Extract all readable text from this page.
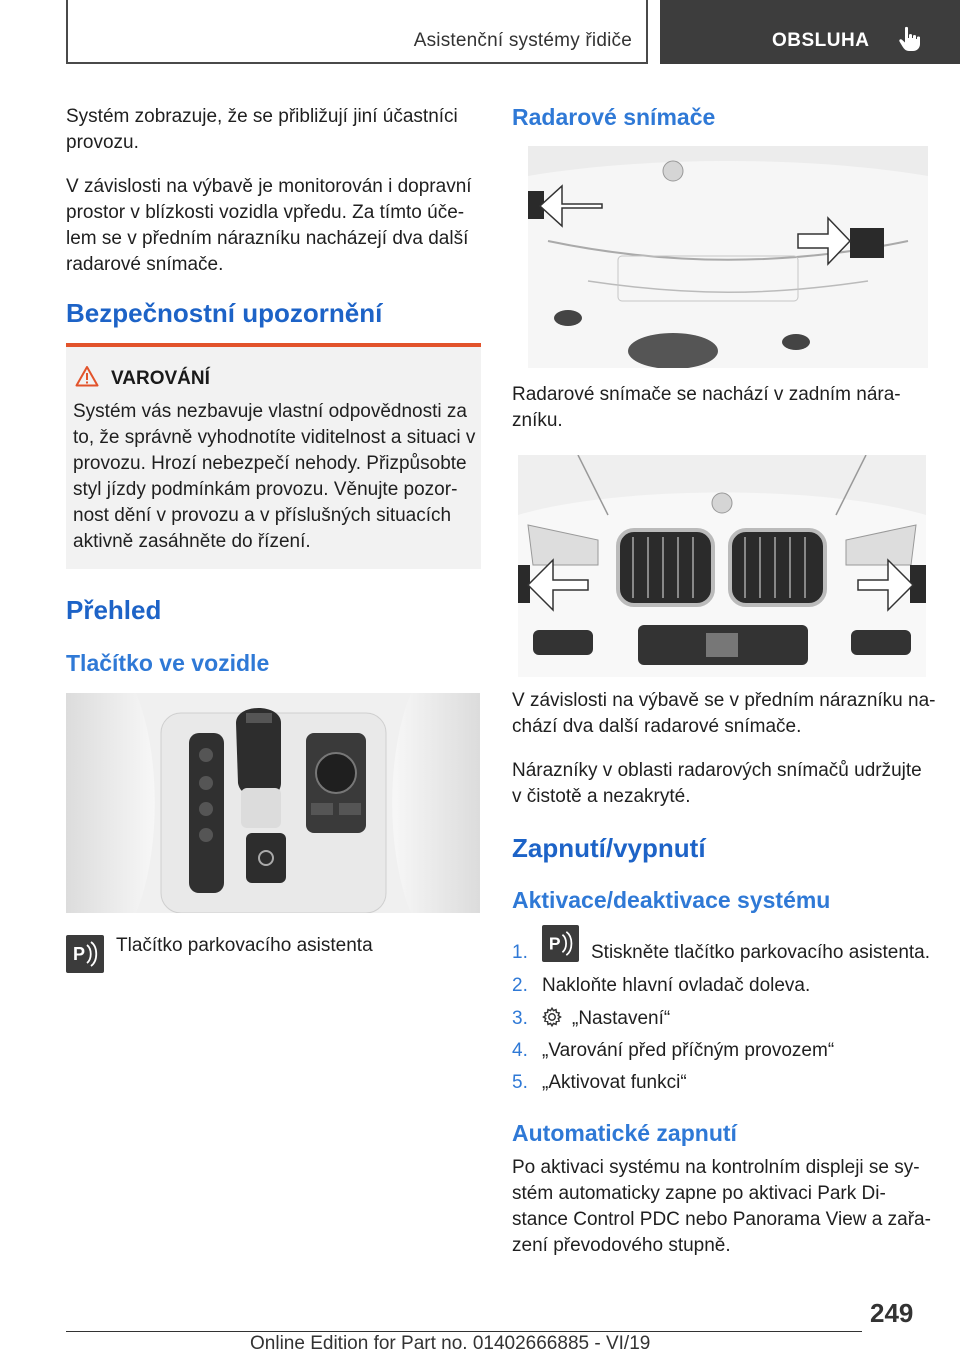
Asistenční systémy řidiče	OBSLUHA
Systém zobrazuje, že se přibližují jiní účastníci
provozu.
V závislosti na výbavě je monitorován i dopravní
prostor v blízkosti vozidla vpředu. Za tímto úče-
lem se v předním nárazníku nacházejí dva další
radarové snímače.
Bezpečnostní upozornění
VAROVÁNÍ
Systém vás nezbavuje vlastní odpovědnosti za
to, že správně vyhodnotíte viditelnost a situaci v
provozu. Hrozí nebezpečí nehody. Přizpůsobte
styl jízdy podmínkám provozu. Věnujte pozor-
nost dění v provozu a v příslušných situacích
aktivně zasáhněte do řízení.
Přehled
Tlačítko ve vozidle
P Tlačítko parkovacího asistenta
Radarové snímače
Radarové snímače se nachází v zadním nára-
zníku.
V závislosti na výbavě se v předním nárazníku na-
chází dva další radarové snímače.
Nárazníky v oblasti radarových snímačů udržujte
v čistotě a nezakryté.
Zapnutí/vypnutí
Aktivace/deaktivace systému
1. P Stiskněte tlačítko parkovacího asistenta.
2. Nakloňte hlavní ovladač doleva.
3. „Nastavení“
4. „Varování před příčným provozem“
5. „Aktivovat funkci“
Automatické zapnutí
Po aktivaci systému na kontrolním displeji se sy-
stém automaticky zapne po aktivaci Park Di-
stance Control PDC nebo Panorama View a zařa-
zení převodového stupně.
249
Online Edition for Part no. 01402666885 - VI/19
